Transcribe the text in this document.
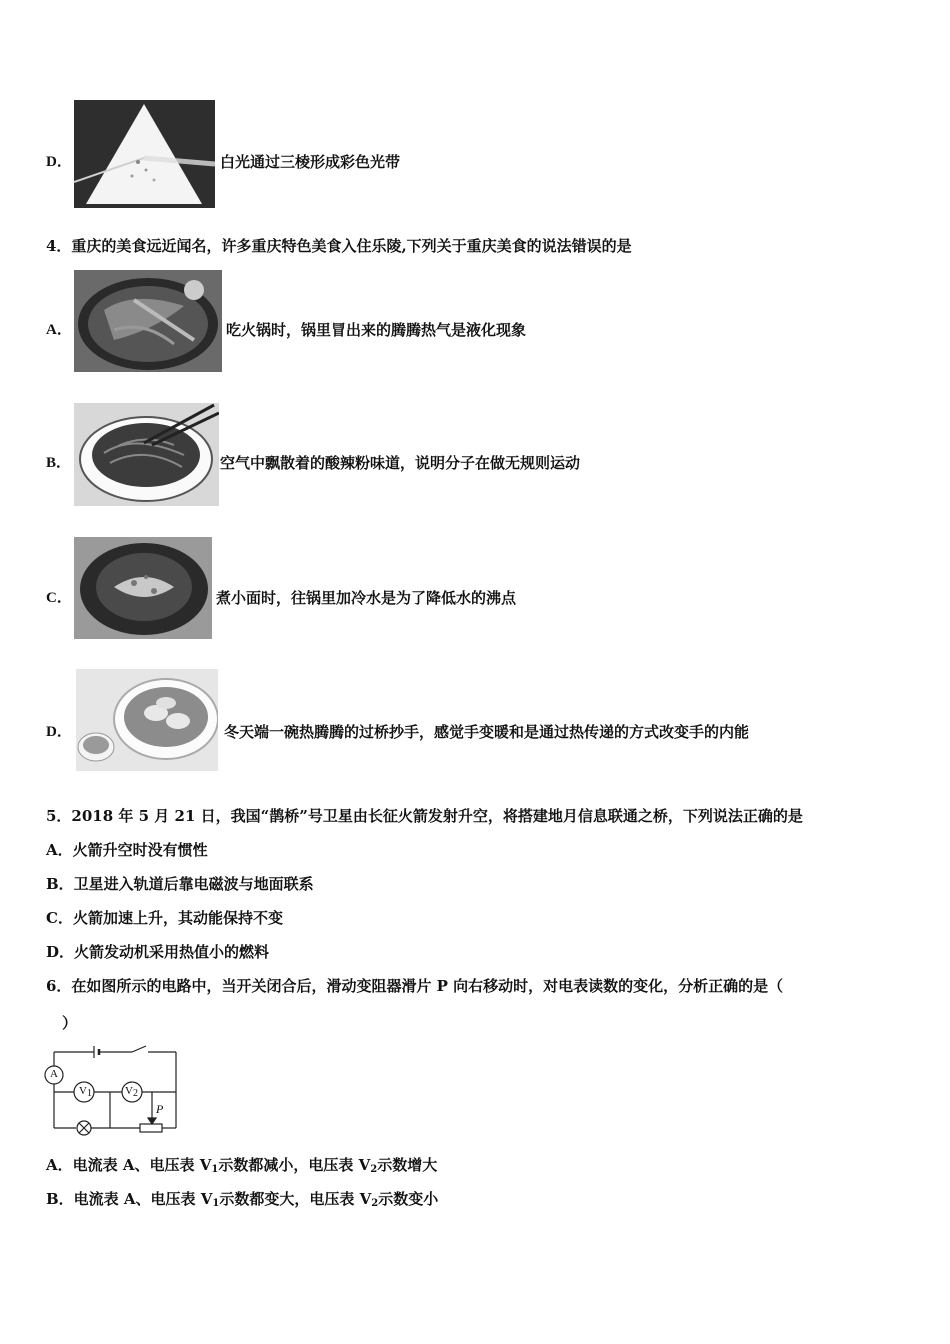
D．	白光通过三棱形成彩色光带
4．重庆的美食远近闻名，许多重庆特色美食入住乐陵,下列关于重庆美食的说法错误的是
A．	吃火锅时，锅里冒出来的腾腾热气是液化现象
B．	空气中飘散着的酸辣粉味道，说明分子在做无规则运动
C．	煮小面时，往锅里加冷水是为了降低水的沸点
D．	冬天端一碗热腾腾的过桥抄手，感觉手变暖和是通过热传递的方式改变手的内能
5．2018 年 5 月 21 日，我国“鹊桥”号卫星由长征火箭发射升空，将搭建地月信息联通之桥，下列说法正确的是
A．火箭升空时没有惯性
B．卫星进入轨道后靠电磁波与地面联系
C．火箭加速上升，其动能保持不变
D．火箭发动机采用热值小的燃料
6．在如图所示的电路中，当开关闭合后，滑动变阻器滑片 P 向右移动时，对电表读数的变化，分析正确的是（
）
A
$V_1$	$V_2$
P
A．电流表 A、电压表 $V_1$示数都减小，电压表 $V_2$示数增大
B．电流表 A、电压表 $V_1$示数都变大，电压表 $V_2$示数变小
